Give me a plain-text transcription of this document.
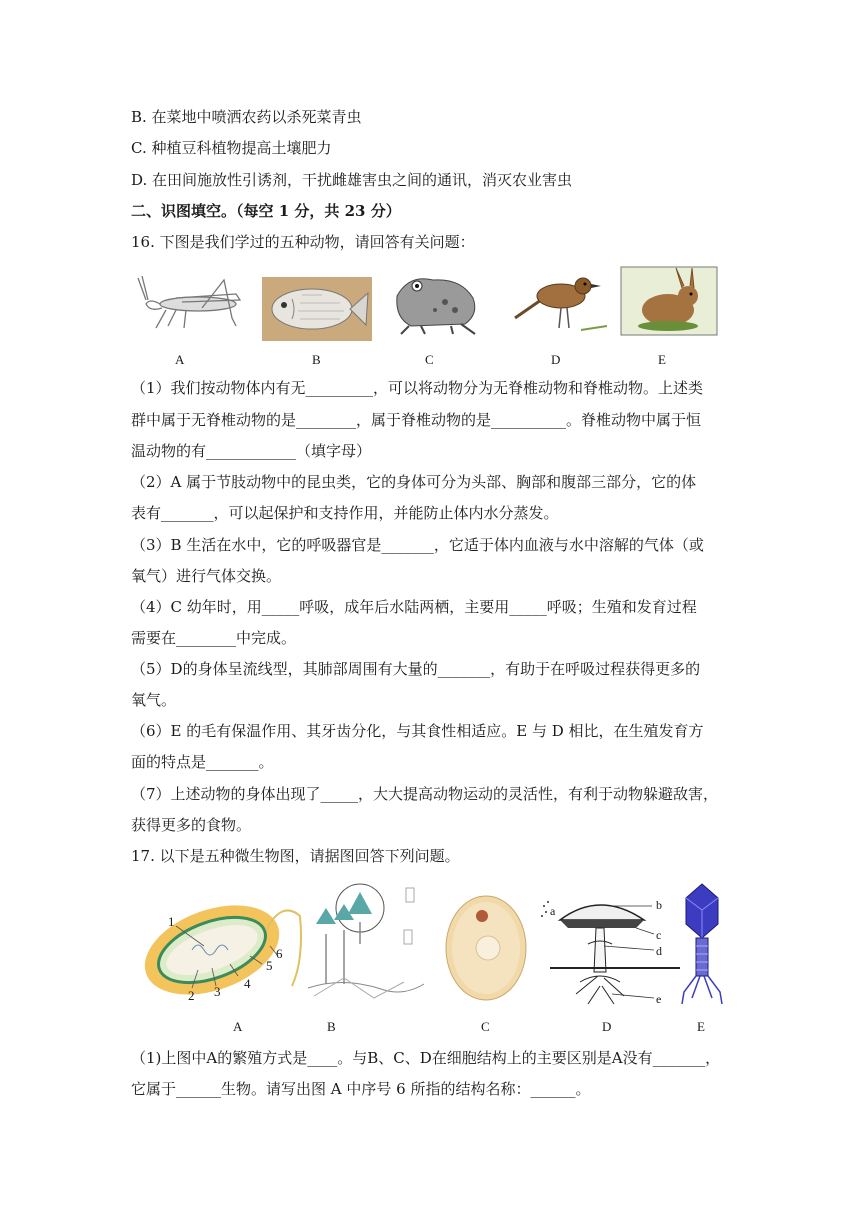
B. 在菜地中喷洒农药以杀死菜青虫
C. 种植豆科植物提高土壤肥力
D. 在田间施放性引诱剂，干扰雌雄害虫之间的通讯，消灭农业害虫
二、识图填空。（每空 1 分，共 23 分）
16. 下图是我们学过的五种动物，请回答有关问题：
A	B	C	D	E
（1）我们按动物体内有无_________，可以将动物分为无脊椎动物和脊椎动物。上述类
群中属于无脊椎动物的是________，属于脊椎动物的是__________。脊椎动物中属于恒
温动物的有____________（填字母）
（2）A 属于节肢动物中的昆虫类，它的身体可分为头部、胸部和腹部三部分，它的体
表有_______，可以起保护和支持作用，并能防止体内水分蒸发。
（3）B 生活在水中，它的呼吸器官是_______，它适于体内血液与水中溶解的气体（或
氧气）进行气体交换。
（4）C 幼年时，用_____呼吸，成年后水陆两栖，主要用_____呼吸；生殖和发育过程
需要在________中完成。
（5）D的身体呈流线型，其肺部周围有大量的_______，有助于在呼吸过程获得更多的
氧气。
（6）E 的毛有保温作用、其牙齿分化，与其食性相适应。E 与 D 相比，在生殖发育方
面的特点是_______。
（7）上述动物的身体出现了_____，大大提高动物运动的灵活性，有利于动物躲避敌害，
获得更多的食物。
17. 以下是五种微生物图，请据图回答下列问题。
1
2 3
4
5
6
a	b
c
d
e
A	B	C	D	E
（1)上图中A的繁殖方式是____。与B、C、D在细胞结构上的主要区别是A没有_______，
它属于______生物。请写出图 A 中序号 6 所指的结构名称：______。
